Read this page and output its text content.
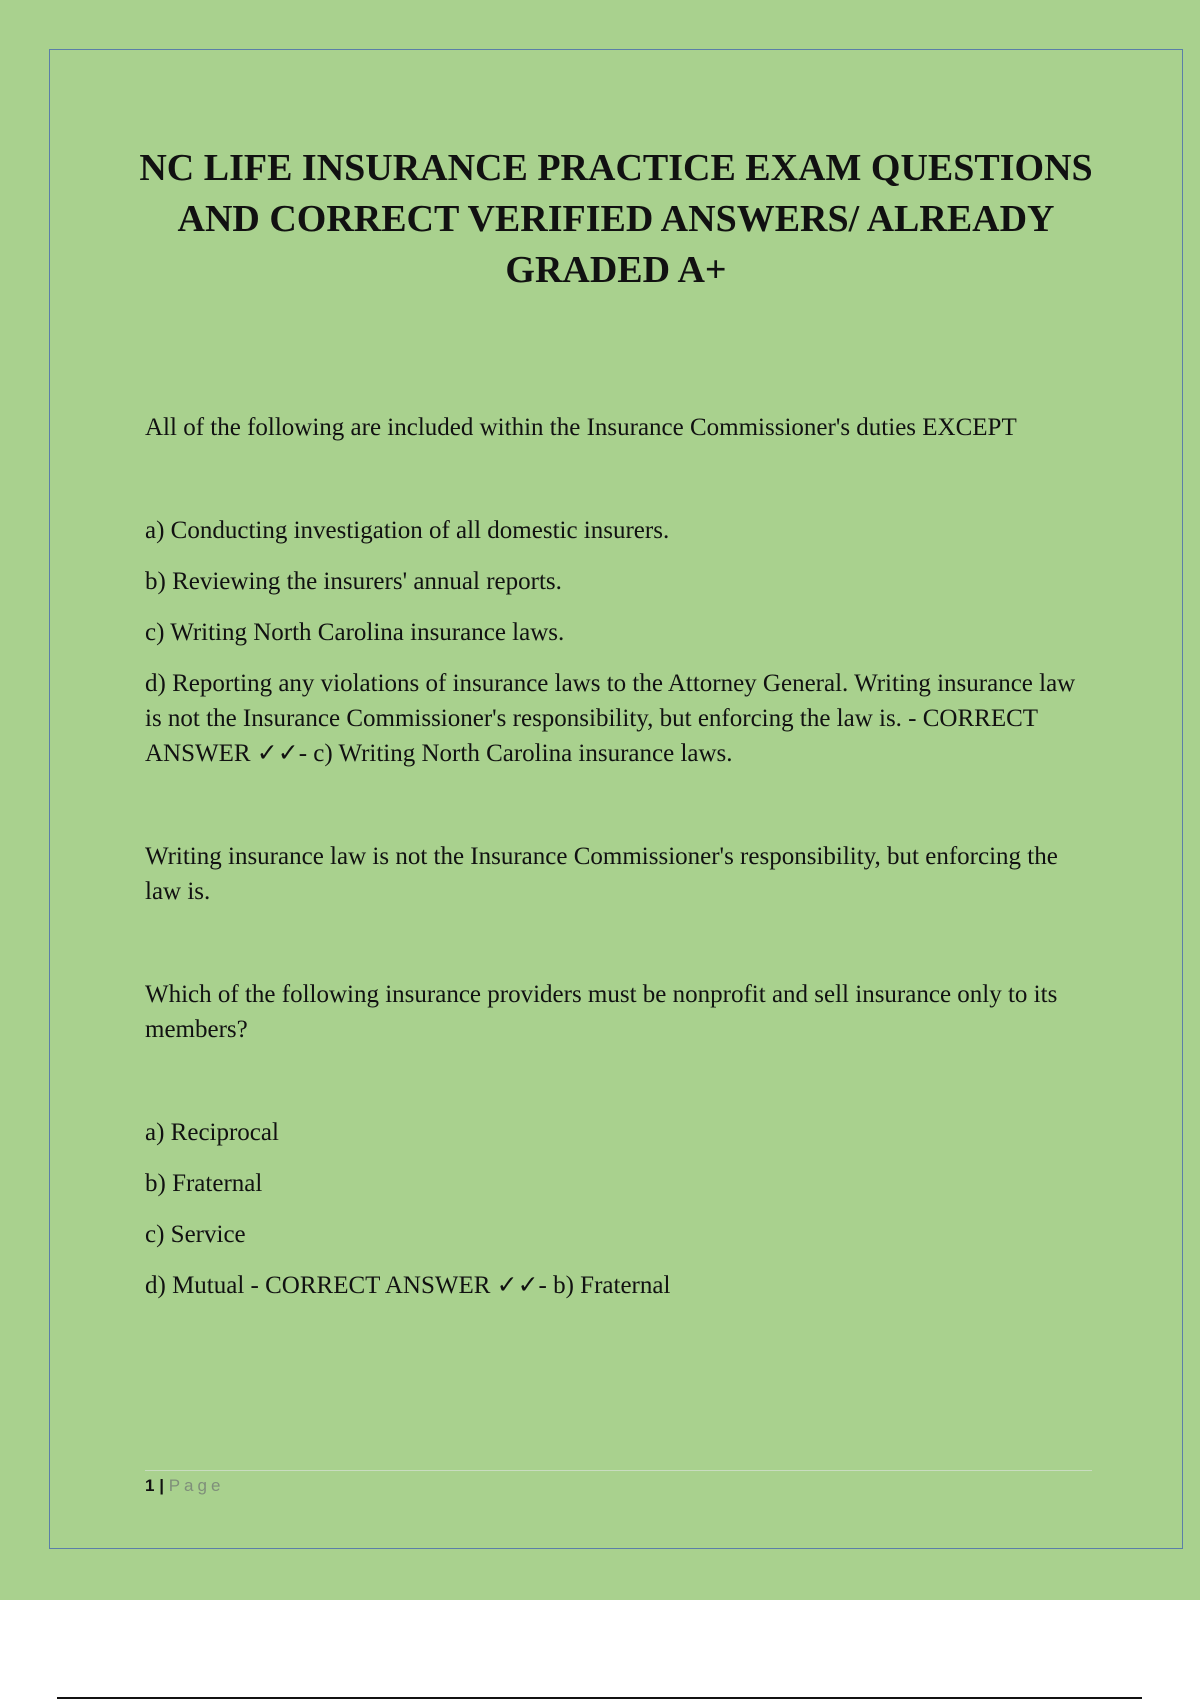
NC LIFE INSURANCE PRACTICE EXAM QUESTIONS AND CORRECT VERIFIED ANSWERS/ ALREADY GRADED A+

All of the following are included within the Insurance Commissioner's duties EXCEPT

a) Conducting investigation of all domestic insurers.

b) Reviewing the insurers' annual reports.

c) Writing North Carolina insurance laws.

d) Reporting any violations of insurance laws to the Attorney General. Writing insurance law is not the Insurance Commissioner's responsibility, but enforcing the law is. - CORRECT ANSWER ✓✓- c) Writing North Carolina insurance laws.

Writing insurance law is not the Insurance Commissioner's responsibility, but enforcing the law is.

Which of the following insurance providers must be nonprofit and sell insurance only to its members?

a) Reciprocal

b) Fraternal

c) Service

d) Mutual - CORRECT ANSWER ✓✓- b) Fraternal

1 | Page
